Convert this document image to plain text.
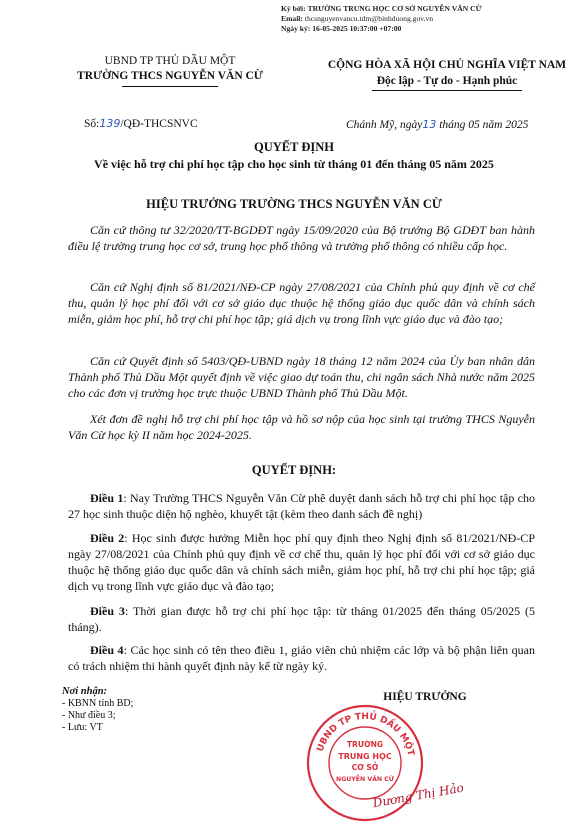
Ký bởi: TRƯỜNG TRUNG HỌC CƠ SỞ NGUYỄN VĂN CỪ
Email: thcsnguyenvancu.tdm@binhduong.gov.vn
Ngày ký: 16-05-2025 10:37:00 +07:00
UBND TP THỦ DẦU MỘT
TRƯỜNG THCS NGUYỄN VĂN CỪ
CỘNG HÒA XÃ HỘI CHỦ NGHĨA VIỆT NAM
Độc lập - Tự do - Hạnh phúc
Số:139/QĐ-THCSNVC	Chánh Mỹ, ngày13 tháng 05 năm 2025
QUYẾT ĐỊNH
Về việc hỗ trợ chi phí học tập cho học sinh từ tháng 01 đến tháng 05 năm 2025
HIỆU TRƯỞNG TRƯỜNG THCS NGUYỄN VĂN CỪ
Căn cứ thông tư 32/2020/TT-BGDĐT ngày 15/09/2020 của Bộ trưởng Bộ GDĐT ban hành điều lệ trường trung học cơ sở, trung học phổ thông và trường phổ thông có nhiều cấp học.
Căn cứ Nghị định số 81/2021/NĐ-CP ngày 27/08/2021 của Chính phủ quy định về cơ chế thu, quản lý học phí đối với cơ sở giáo dục thuộc hệ thống giáo dục quốc dân và chính sách miễn, giảm học phí, hỗ trợ chi phí học tập; giá dịch vụ trong lĩnh vực giáo dục và đào tạo;
Căn cứ Quyết định số 5403/QĐ-UBND ngày 18 tháng 12 năm 2024 của Ủy ban nhân dân Thành phố Thủ Dầu Một quyết định về việc giao dự toán thu, chi ngân sách Nhà nước năm 2025 cho các đơn vị trường học trực thuộc UBND Thành phố Thủ Dầu Một.
Xét đơn đề nghị hỗ trợ chi phí học tập và hồ sơ nộp của học sinh tại trường THCS Nguyễn Văn Cừ học kỳ II năm học 2024-2025.
QUYẾT ĐỊNH:
Điều 1: Nay Trường THCS Nguyễn Văn Cừ phê duyệt danh sách hỗ trợ chi phí học tập cho 27 học sinh thuộc diện hộ nghèo, khuyết tật (kèm theo danh sách đề nghị)
Điều 2: Học sinh được hưởng Miễn học phí quy định theo Nghị định số 81/2021/NĐ-CP ngày 27/08/2021 của Chính phủ quy định về cơ chế thu, quản lý học phí đối với cơ sở giáo dục thuộc hệ thống giáo dục quốc dân và chính sách miễn, giảm học phí, hỗ trợ chi phí học tập; giá dịch vụ trong lĩnh vực giáo dục và đào tạo;
Điều 3: Thời gian được hỗ trợ chi phí học tập: từ tháng 01/2025 đến tháng 05/2025 (5 tháng).
Điều 4: Các học sinh có tên theo điều 1, giáo viên chủ nhiệm các lớp và bộ phận liên quan có trách nhiệm thi hành quyết định này kể từ ngày ký.
Nơi nhận:
- KBNN tỉnh BD;
- Như điều 3;
- Lưu: VT
HIỆU TRƯỞNG
UBND TP THỦ DẦU MỘT
TRƯỜNG
TRUNG HỌC
CƠ SỞ
NGUYỄN VĂN CỪ
Dương Thị Hảo
